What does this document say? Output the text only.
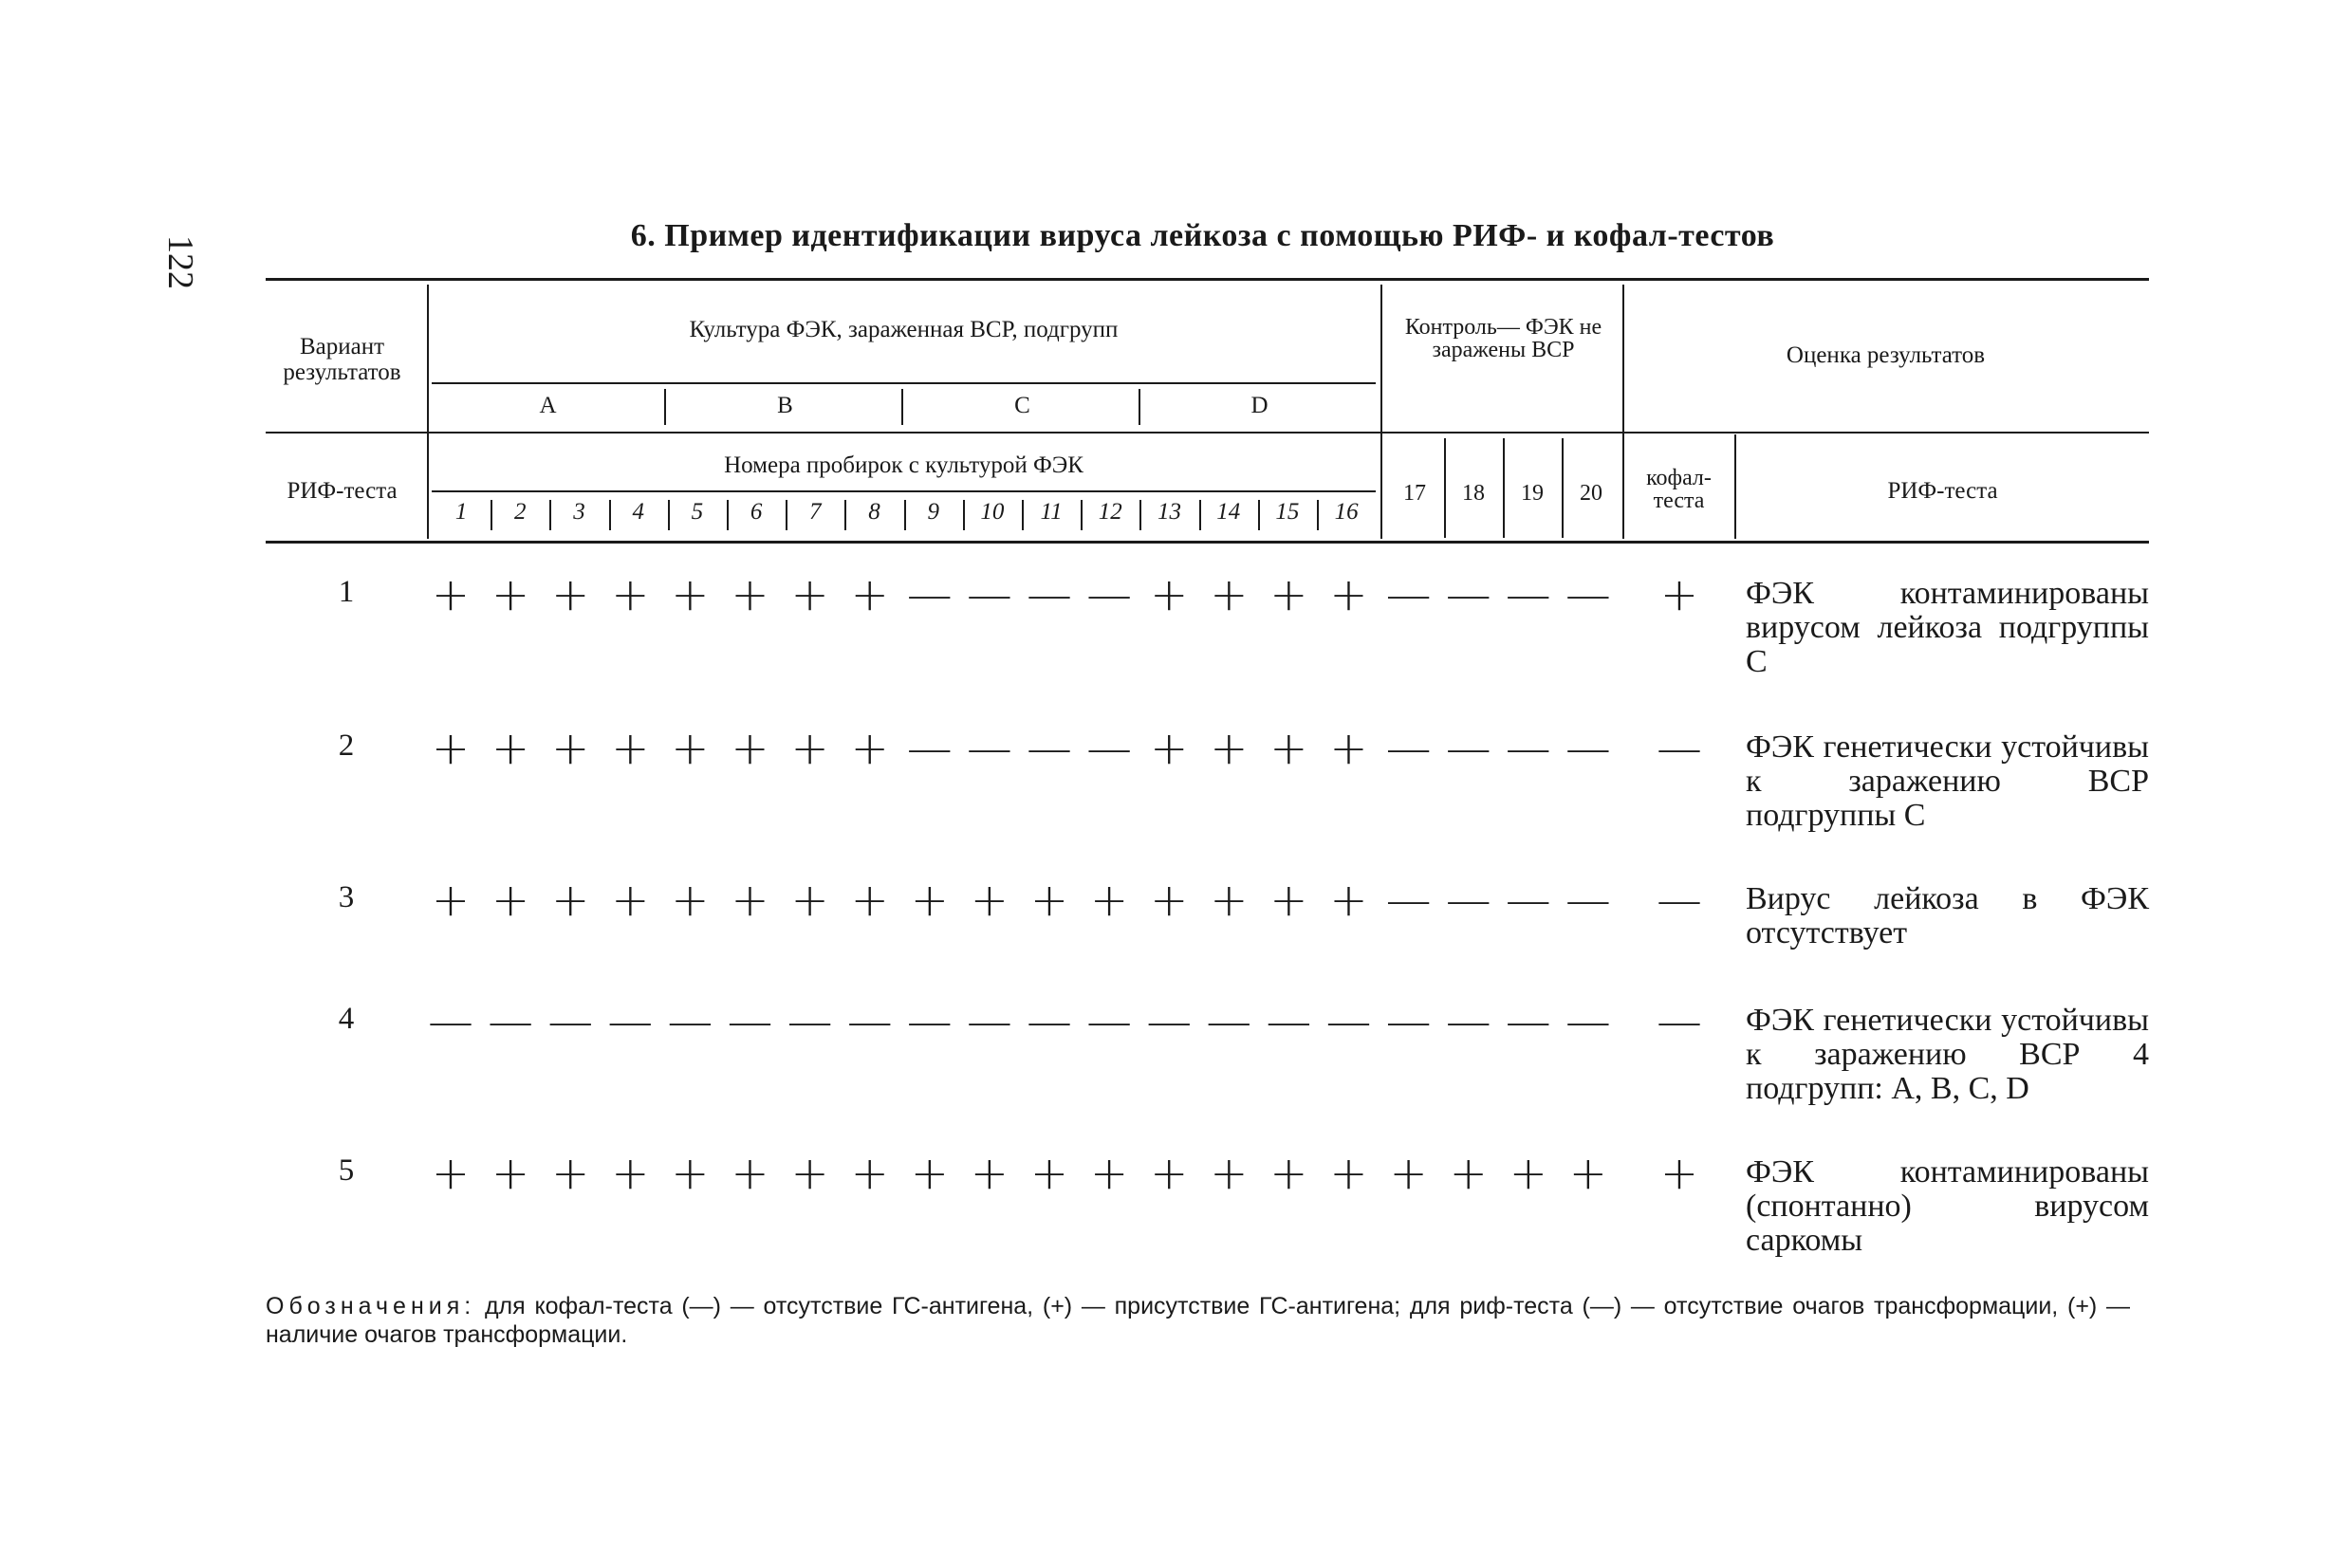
122	6. Пример идентификации вируса лейкоза с помощью РИФ- и кофал-тестов
Вариант результатов
РИФ-теста
Культура ФЭК, зараженная ВСР, подгрупп
A	B	C	D
Номера пробирок с культурой ФЭК
1	2	3	4	5	6	7	8	9	10	11	12	13	14	15	16
Контроль— ФЭК не заражены ВСР
17	18	19	20
Оценка результатов
кофал-теста	РИФ-теста
1	+ + + + + + + + — — — — + + + + — — — — + ФЭК контаминированы вирусом лейкоза подгруппы С
2	+ + + + + + + + — — — — + + + + — — — — — ФЭК генетически устойчивы к заражению ВСР подгруппы С
3	+ + + + + + + + + + + + + + + + — — — — — Вирус лейкоза в ФЭК отсутствует
4	— — — — — — — — — — — — — — — — — — — — — ФЭК генетически устойчивы к заражению ВСР 4 подгрупп: А, В, С, D
5	+ + + + + + + + + + + + + + + + + + + + + ФЭК контаминированы (спонтанно) вирусом саркомы
Обозначения: для кофал-теста (—) — отсутствие ГС-антигена, (+) — присутствие ГС-антигена; для риф-теста (—) — отсутствие очагов трансформации, (+) — наличие очагов трансформации.
